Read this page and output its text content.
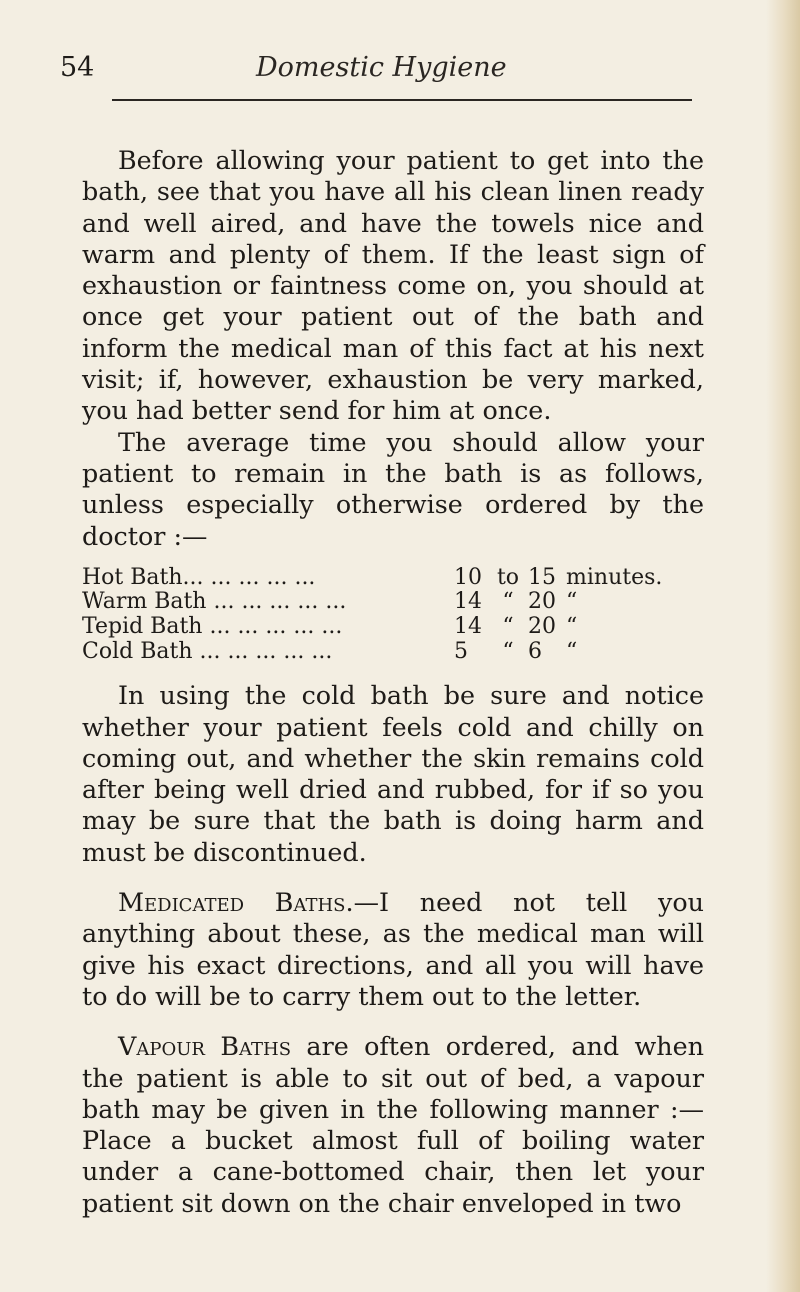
54	Domestic Hygiene

Before allowing your patient to get into the bath, see that you have all his clean linen ready and well aired, and have the towels nice and warm and plenty of them. If the least sign of exhaustion or faintness come on, you should at once get your patient out of the bath and inform the medical man of this fact at his next visit; if, however, exhaustion be very marked, you had better send for him at once.

The average time you should allow your patient to remain in the bath is as follows, unless especially otherwise ordered by the doctor :—

Hot Bath... ... ... ... ...	10	to	15	minutes.
Warm Bath ... ... ... ... ...	14	“	20	“
Tepid Bath ... ... ... ... ...	14	“	20	“
Cold Bath ... ... ... ... ...	5	“	6	“

In using the cold bath be sure and notice whether your patient feels cold and chilly on coming out, and whether the skin remains cold after being well dried and rubbed, for if so you may be sure that the bath is doing harm and must be discontinued.

Medicated Baths.—I need not tell you anything about these, as the medical man will give his exact directions, and all you will have to do will be to carry them out to the letter.

Vapour Baths are often ordered, and when the patient is able to sit out of bed, a vapour bath may be given in the following manner :— Place a bucket almost full of boiling water under a cane-bottomed chair, then let your patient sit down on the chair enveloped in two
